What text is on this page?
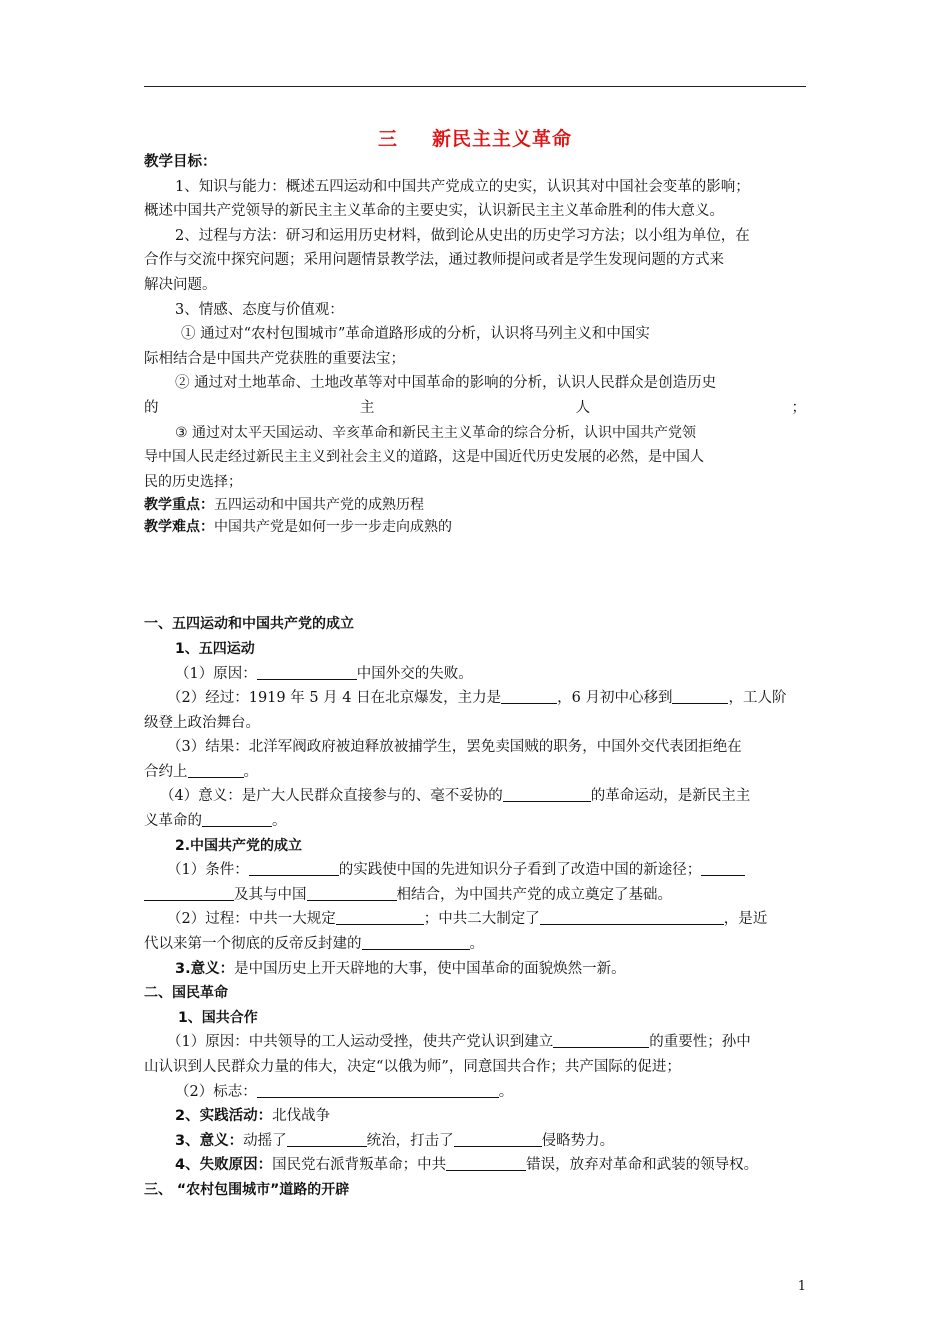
三 新民主主义革命
教学目标：
1、知识与能力：概述五四运动和中国共产党成立的史实，认识其对中国社会变革的影响；
概述中国共产党领导的新民主主义革命的主要史实，认识新民主主义革命胜利的伟大意义。
2、过程与方法：研习和运用历史材料，做到论从史出的历史学习方法；以小组为单位，在
合作与交流中探究问题；采用问题情景教学法，通过教师提问或者是学生发现问题的方式来
解决问题。
3、情感、态度与价值观：
① 通过对“农村包围城市”革命道路形成的分析，认识将马列主义和中国实
际相结合是中国共产党获胜的重要法宝；
② 通过对土地革命、土地改革等对中国革命的影响的分析，认识人民群众是创造历史
的	主	人	；
③ 通过对太平天国运动、辛亥革命和新民主主义革命的综合分析，认识中国共产党领
导中国人民走经过新民主主义到社会主义的道路，这是中国近代历史发展的必然，是中国人
民的历史选择；
教学重点：五四运动和中国共产党的成熟历程
教学难点：中国共产党是如何一步一步走向成熟的
一、五四运动和中国共产党的成立
1、五四运动
（1）原因：	中国外交的失败。
（2）经过：1919 年 5 月 4 日在北京爆发，主力是	，6 月初中心移到	，工人阶
级登上政治舞台。
（3）结果：北洋军阀政府被迫释放被捕学生，罢免卖国贼的职务，中国外交代表团拒绝在
合约上	。
（4）意义：是广大人民群众直接参与的、毫不妥协的	的革命运动，是新民主主
义革命的	。
2.中国共产党的成立
（1）条件：	的实践使中国的先进知识分子看到了改造中国的新途径；
及其与中国	相结合，为中国共产党的成立奠定了基础。
（2）过程：中共一大规定	；中共二大制定了	，是近
代以来第一个彻底的反帝反封建的	。
3.意义：是中国历史上开天辟地的大事，使中国革命的面貌焕然一新。
二、国民革命
1、国共合作
（1）原因：中共领导的工人运动受挫，使共产党认识到建立	的重要性；孙中
山认识到人民群众力量的伟大，决定“以俄为师”，同意国共合作；共产国际的促进；
（2）标志：	。
2、实践活动：北伐战争
3、意义：动摇了	统治，打击了	侵略势力。
4、失败原因：国民党右派背叛革命；中共	错误，放弃对革命和武装的领导权。
三、 “农村包围城市”道路的开辟
1
